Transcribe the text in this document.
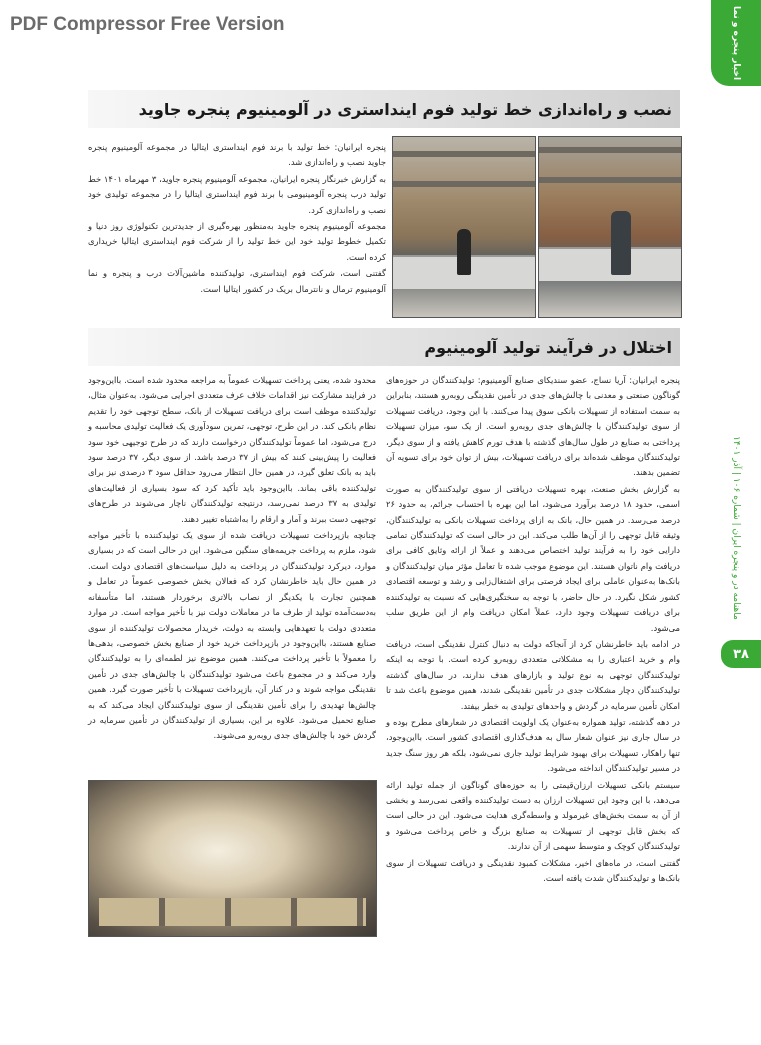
PDF Compressor Free Version	اخبار پنجره و نما
ماهنامه در و پنجره ایران | شماره ۱۰۶ | آذر ۱۴۰۱
۳۸
نصب و راه‌اندازی خط تولید فوم اینداستری در آلومینیوم پنجره جاوید

پنجره ایرانیان: خط تولید با برند فوم اینداستری ایتالیا در مجموعه آلومینیوم پنجره جاوید نصب و راه‌اندازی شد.

به گزارش خبرنگار پنجره ایرانیان، مجموعه آلومینیوم پنجره جاوید، ۳ مهرماه ۱۴۰۱ خط تولید درب پنجره آلومینیومی با برند فوم اینداستری ایتالیا را در مجموعه تولیدی خود نصب و راه‌اندازی کرد.

مجموعه آلومینیوم پنجره جاوید به‌منظور بهره‌گیری از جدیدترین تکنولوژی روز دنیا و تکمیل خطوط تولید خود این خط تولید را از شرکت فوم اینداستری ایتالیا خریداری کرده است.

گفتنی است، شرکت فوم اینداستری، تولیدکننده ماشین‌آلات درب و پنجره و نما آلومینیوم ترمال و نانترمال بریک در کشور ایتالیا است.

اختلال در فرآیند تولید آلومینیوم

پنجره ایرانیان: آریا نساج، عضو سندیکای صنایع آلومینیوم: تولیدکنندگان در حوزه‌های گوناگون صنعتی و معدنی با چالش‌های جدی در تأمین نقدینگی روبه‌رو هستند، بنابراین به سمت استفاده از تسهیلات بانکی سوق پیدا می‌کنند. با این وجود، دریافت تسهیلات از سوی تولیدکنندگان با چالش‌های جدی روبه‌رو است. از یک سو، میزان تسهیلات پرداختی به صنایع در طول سال‌های گذشته با هدف تورم کاهش یافته و از سوی دیگر، تولیدکنندگان موظف شده‌اند برای دریافت تسهیلات، بیش از توان خود برای تسویه آن تضمین بدهند.

به گزارش بخش صنعت، بهره تسهیلات دریافتی از سوی تولیدکنندگان به صورت اسمی، حدود ۱۸ درصد برآورد می‌شود، اما این بهره با احتساب جرائم، به حدود ۲۶ درصد می‌رسد. در همین حال، بانک به ازای پرداخت تسهیلات بانکی به تولیدکنندگان، وثیقه قابل توجهی را از آن‌ها طلب می‌کند. این در حالی است که تولیدکنندگان تمامی دارایی خود را به فرآیند تولید اختصاص می‌دهند و عملاً از ارائه وثایق کافی برای دریافت وام ناتوان هستند. این موضوع موجب شده تا تعامل مؤثر میان تولیدکنندگان و بانک‌ها به‌عنوان عاملی برای ایجاد فرصتی برای اشتغال‌زایی و رشد و توسعه اقتصادی کشور شکل نگیرد. در حال حاضر، با توجه به سختگیری‌هایی که نسبت به تولیدکننده برای دریافت تسهیلات وجود دارد، عملاً امکان دریافت وام از این طریق سلب می‌شود.

در ادامه باید خاطرنشان کرد از آنجاکه دولت به دنبال کنترل نقدینگی است، دریافت وام و خرید اعتباری را به مشکلاتی متعددی روبه‌رو کرده است. با توجه به اینکه تولیدکنندگان توجهی به نوع تولید و بازارهای هدف ندارند، در سال‌های گذشته تولیدکنندگان دچار مشکلات جدی در تأمین نقدینگی شدند، همین موضوع باعث شد تا امکان تأمین سرمایه در گردش و واحدهای تولیدی به خطر بیفتد.

در دهه گذشته، تولید همواره به‌عنوان یک اولویت اقتصادی در شعارهای مطرح بوده و در سال جاری نیز عنوان شعار سال به هدف‌گذاری اقتصادی کشور است. بااین‌وجود، تنها راهکار، تسهیلات برای بهبود شرایط تولید جاری نمی‌شود، بلکه هر روز سنگ جدید در مسیر تولیدکنندگان انداخته می‌شود.

سیستم بانکی تسهیلات ارزان‌قیمتی را به حوزه‌های گوناگون از جمله تولید ارائه می‌دهد، با این وجود این تسهیلات ارزان به دست تولیدکننده واقعی نمی‌رسد و بخشی از آن به سمت بخش‌های غیرمولد و واسطه‌گری هدایت می‌شود. این در حالی است که بخش قابل توجهی از تسهیلات به صنایع بزرگ و خاص پرداخت می‌شود و تولیدکنندگان کوچک و متوسط سهمی از آن ندارند.

گفتنی است، در ماه‌های اخیر، مشکلات کمبود نقدینگی و دریافت تسهیلات از سوی بانک‌ها و تولیدکنندگان شدت یافته است.

محدود شده، یعنی پرداخت تسهیلات عموماً به مراجعه محدود شده است. بااین‌وجود در فرایند مشارکت نیز اقدامات خلاف عرف متعددی اجرایی می‌شود. به‌عنوان مثال، تولیدکننده موظف است برای دریافت تسهیلات از بانک، سطح توجهی خود را تقدیم نظام بانکی کند. در این طرح، توجهی، تمرین سودآوری یک فعالیت تولیدی محاسبه و درج می‌شود، اما عموماً تولیدکنندگان درخواست دارند که در طرح توجیهی خود سود فعالیت را پیش‌بینی کنند که بیش از ۳۷ درصد باشد. از سوی دیگر، ۳۷ درصد سود باید به بانک تعلق گیرد، در همین حال انتظار می‌رود حداقل سود ۳ درصدی نیز برای تولیدکننده باقی بماند. بااین‌وجود باید تأکید کرد که سود بسیاری از فعالیت‌های تولیدی به ۳۷ درصد نمی‌رسد، درنتیجه تولیدکنندگان ناچار می‌شوند در طرح‌های توجیهی دست ببرند و آمار و ارقام را به‌اشتباه تغییر دهند.

چنانچه بازپرداخت تسهیلات دریافت شده از سوی یک تولیدکننده با تأخیر مواجه شود، ملزم به پرداخت جریمه‌های سنگین می‌شود. این در حالی است که در بسیاری موارد، دیرکرد تولیدکنندگان در پرداخت به دلیل سیاست‌های اقتصادی دولت است. در همین حال باید خاطرنشان کرد که فعالان بخش خصوصی عموماً در تعامل و همچنین تجارت با یکدیگر از نصاب بالاتری برخوردار هستند، اما متأسفانه به‌دست‌آمده تولید از طرف ما در معاملات دولت نیز با تأخیر مواجه است. در موارد متعددی دولت با تعهدهایی وابسته به دولت، خریدار محصولات تولیدکننده از سوی صنایع هستند، بااین‌وجود در بازپرداخت خرید خود از صنایع بخش خصوصی، بدهی‌ها را معمولاً با تأخیر پرداخت می‌کنند. همین موضوع نیز لطمه‌ای را به تولیدکنندگان وارد می‌کند و در مجموع باعث می‌شود تولیدکنندگان با چالش‌های جدی در تأمین نقدینگی مواجه شوند و در کنار آن، بازپرداخت تسهیلات با تأخیر صورت گیرد. همین چالش‌ها تهدیدی را برای تأمین نقدینگی از سوی تولیدکنندگان ایجاد می‌کند که به صنایع تحمیل می‌شود. علاوه بر این، بسیاری از تولیدکنندگان در تأمین سرمایه در گردش خود با چالش‌های جدی روبه‌رو می‌شوند.
